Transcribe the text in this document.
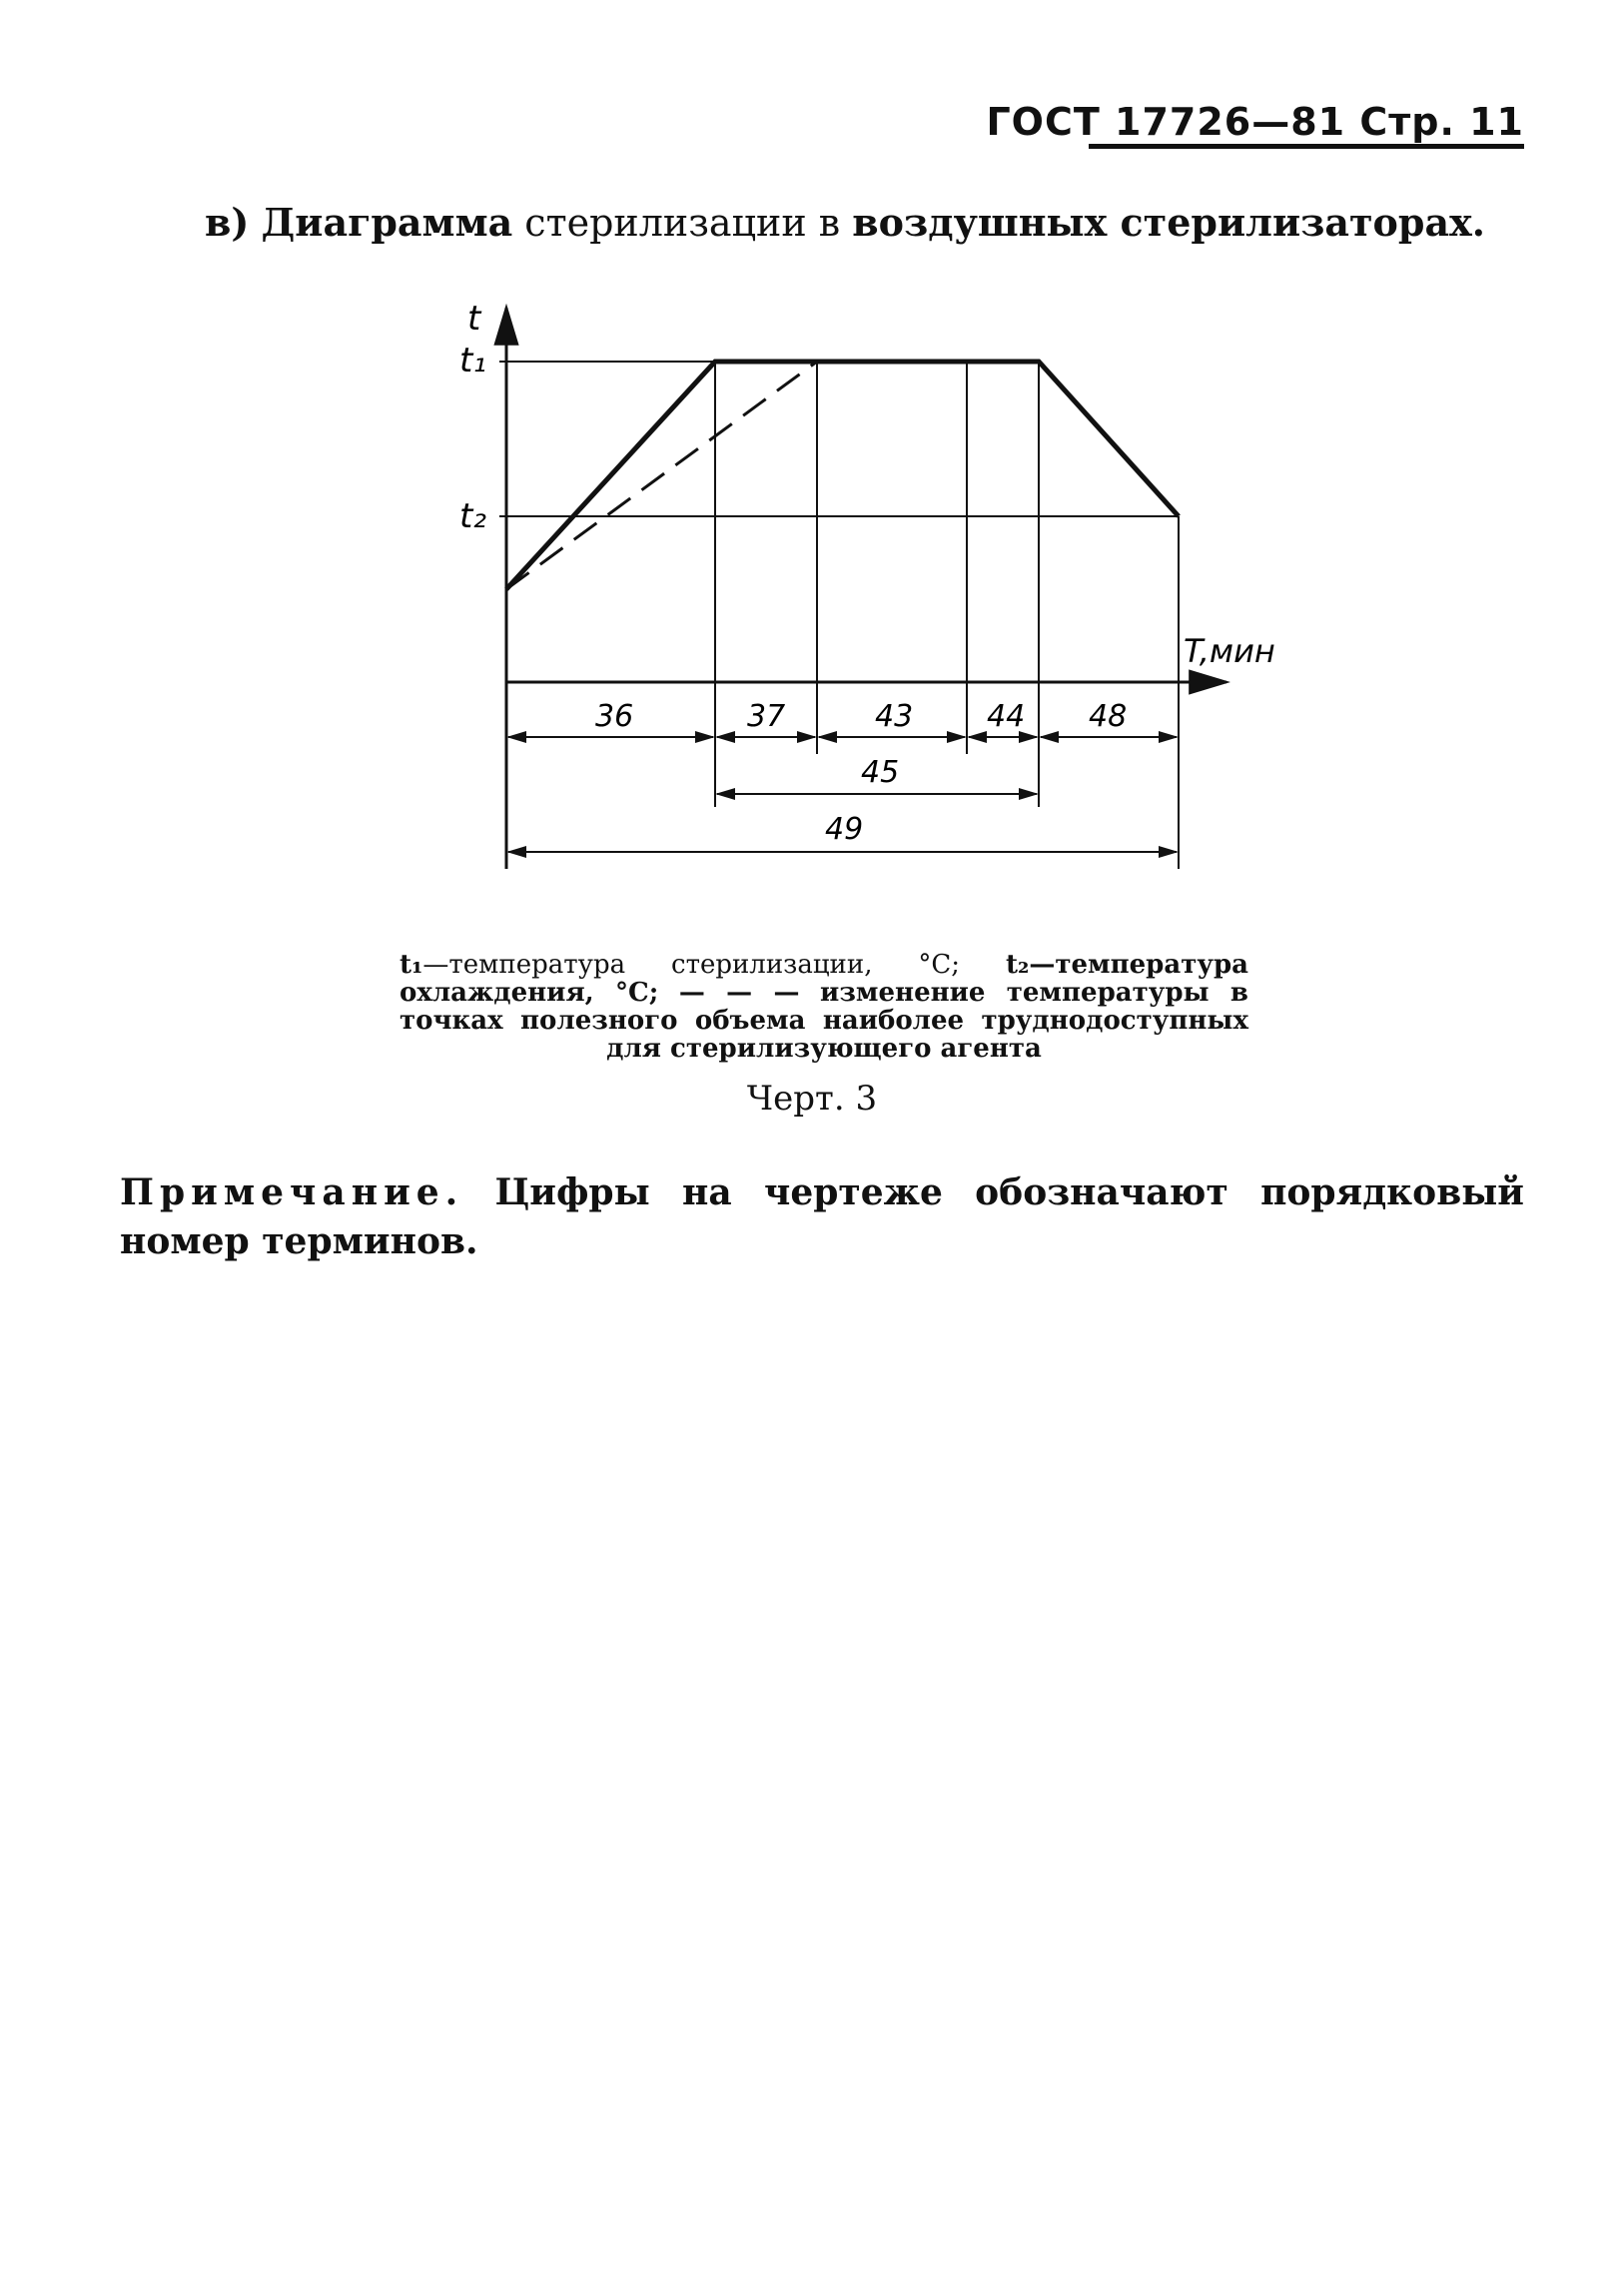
ГОСТ 17726—81 Стр. 11
в) Диаграмма стерилизации в воздушных стерилизаторах.
t
t₁
t₂
T,мин
36	37	43 44 48
45
49
t₁—температура стерилизации, °С; t₂—температура охлаждения, °С; — — — изменение температуры в точках полезного объема наиболее труднодоступных для стерилизующего агента
Черт. 3
Примечание. Цифры на чертеже обозначают порядковый номер терминов.
